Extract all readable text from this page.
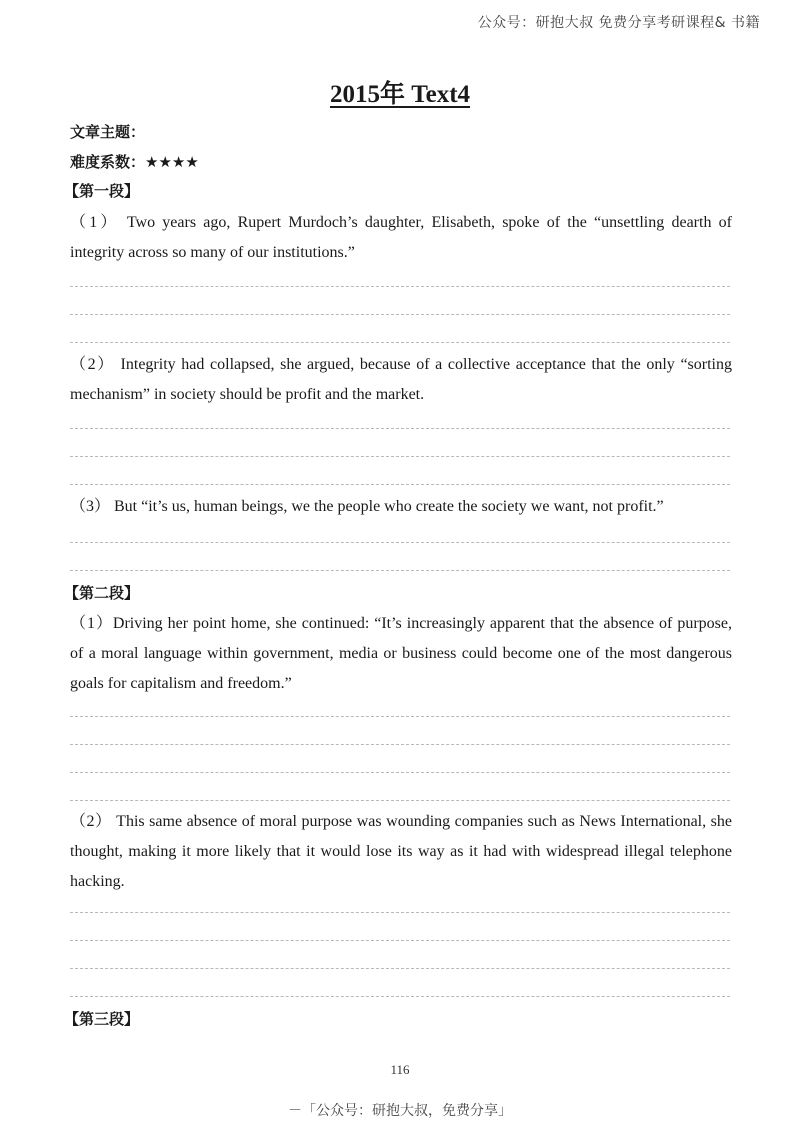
公众号：研抱大叔 免费分享考研课程& 书籍
2015年 Text4
文章主题：
难度系数：★★★★
【第一段】
（1） Two years ago, Rupert Murdoch’s daughter, Elisabeth, spoke of the “unsettling dearth of integrity across so many of our institutions.”
（2） Integrity had collapsed, she argued, because of a collective acceptance that the only “sorting mechanism” in society should be profit and the market.
（3） But “it’s us, human beings, we the people who create the society we want, not profit.”
【第二段】
（1）Driving her point home, she continued: “It’s increasingly apparent that the absence of purpose, of a moral language within government, media or business could become one of the most dangerous goals for capitalism and freedom.”
（2） This same absence of moral purpose was wounding companies such as News International, she thought, making it more likely that it would lose its way as it had with widespread illegal telephone hacking.
【第三段】
116
－「公众号：研抱大叔，免费分享」
